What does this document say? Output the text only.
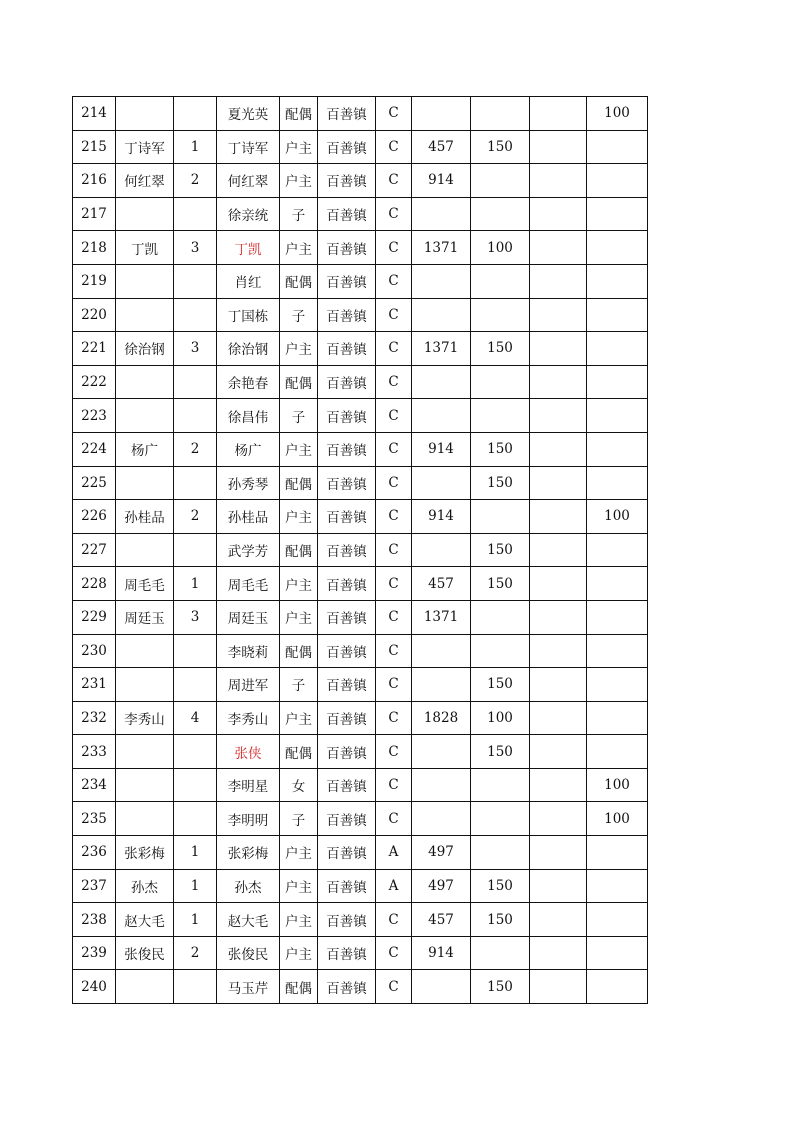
214			夏光英	配偶	百善镇	C				100
215	丁诗军	1	丁诗军	户主	百善镇	C	457	150		
216	何红翠	2	何红翠	户主	百善镇	C	914			
217			徐亲统	子	百善镇	C				
218	丁凯	3	丁凯	户主	百善镇	C	1371	100		
219			肖红	配偶	百善镇	C				
220			丁国栋	子	百善镇	C				
221	徐治钢	3	徐治钢	户主	百善镇	C	1371	150		
222			余艳春	配偶	百善镇	C				
223			徐昌伟	子	百善镇	C				
224	杨广	2	杨广	户主	百善镇	C	914	150		
225			孙秀琴	配偶	百善镇	C		150		
226	孙桂品	2	孙桂品	户主	百善镇	C	914			100
227			武学芳	配偶	百善镇	C		150		
228	周毛毛	1	周毛毛	户主	百善镇	C	457	150		
229	周廷玉	3	周廷玉	户主	百善镇	C	1371			
230			李晓莉	配偶	百善镇	C				
231			周进军	子	百善镇	C		150		
232	李秀山	4	李秀山	户主	百善镇	C	1828	100		
233			张侠	配偶	百善镇	C		150		
234			李明星	女	百善镇	C				100
235			李明明	子	百善镇	C				100
236	张彩梅	1	张彩梅	户主	百善镇	A	497			
237	孙杰	1	孙杰	户主	百善镇	A	497	150		
238	赵大毛	1	赵大毛	户主	百善镇	C	457	150		
239	张俊民	2	张俊民	户主	百善镇	C	914			
240			马玉芹	配偶	百善镇	C		150		
